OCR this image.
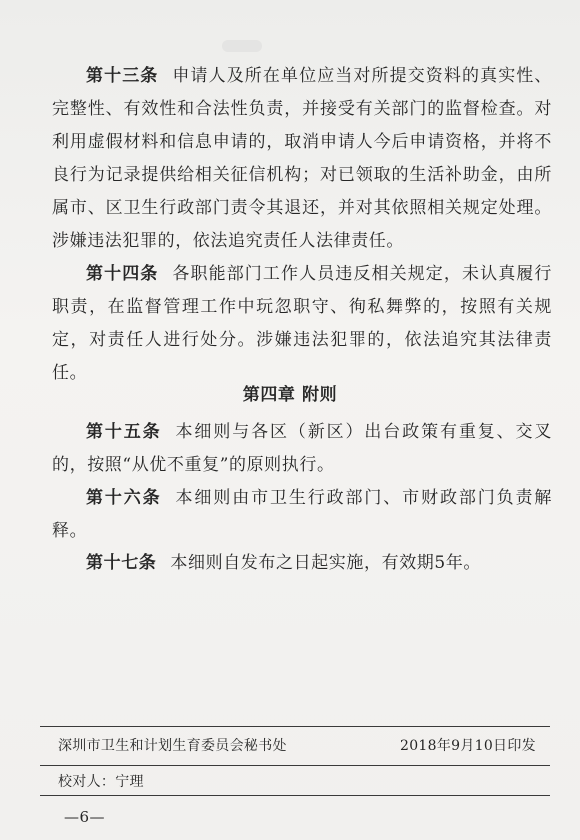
第十三条 申请人及所在单位应当对所提交资料的真实性、完整性、有效性和合法性负责，并接受有关部门的监督检查。对利用虚假材料和信息申请的，取消申请人今后申请资格，并将不良行为记录提供给相关征信机构；对已领取的生活补助金，由所属市、区卫生行政部门责令其退还，并对其依照相关规定处理。涉嫌违法犯罪的，依法追究责任人法律责任。

第十四条 各职能部门工作人员违反相关规定，未认真履行职责，在监督管理工作中玩忽职守、徇私舞弊的，按照有关规定，对责任人进行处分。涉嫌违法犯罪的，依法追究其法律责任。

第四章 附则

第十五条 本细则与各区（新区）出台政策有重复、交叉的，按照“从优不重复”的原则执行。

第十六条 本细则由市卫生行政部门、市财政部门负责解释。

第十七条 本细则自发布之日起实施，有效期5年。

深圳市卫生和计划生育委员会秘书处	2018年9月10日印发
校对人：宁理
—6—
